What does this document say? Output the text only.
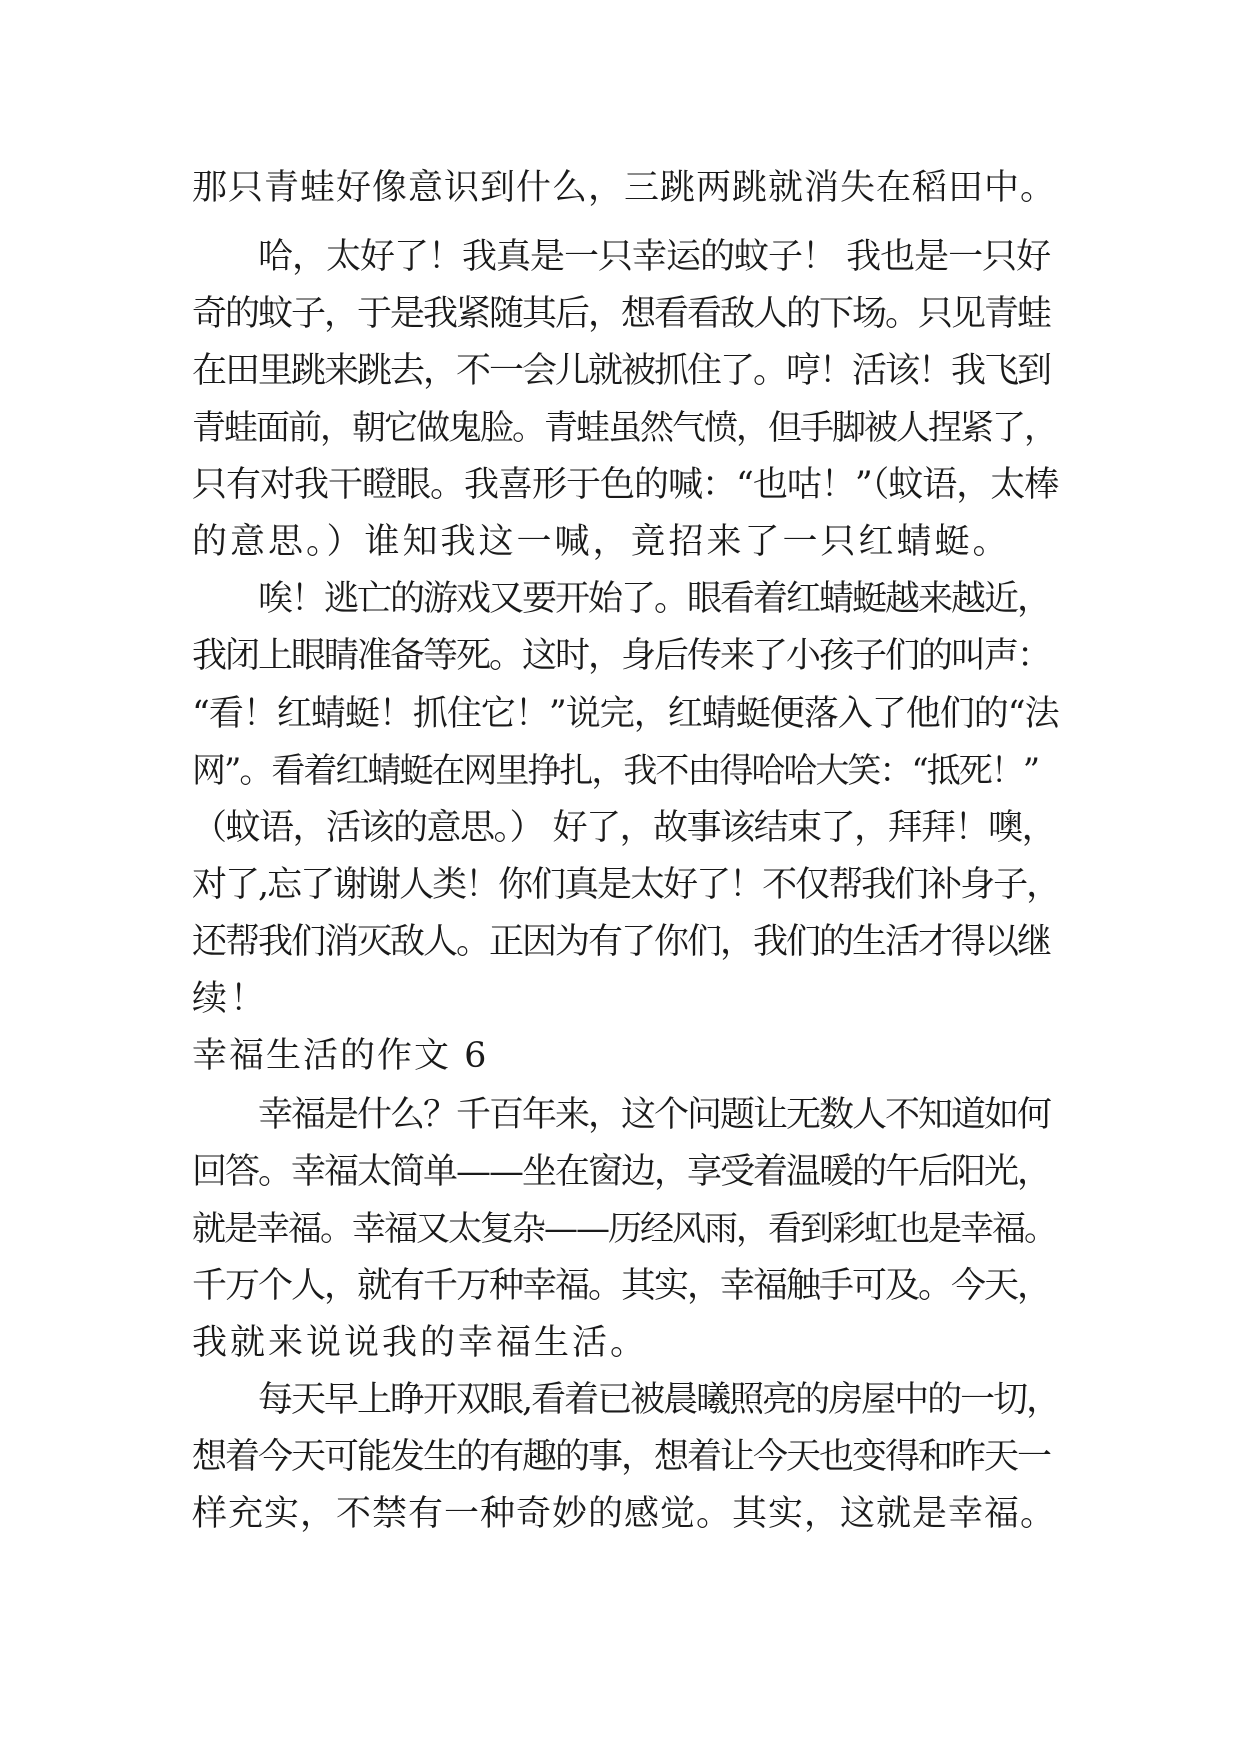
那只青蛙好像意识到什么，三跳两跳就消失在稻田中。
哈，太好了！我真是一只幸运的蚊子！ 我也是一只好
奇的蚊子，于是我紧随其后，想看看敌人的下场。只见青蛙
在田里跳来跳去，不一会儿就被抓住了。哼！活该！我飞到
青蛙面前，朝它做鬼脸。青蛙虽然气愤，但手脚被人捏紧了，
只有对我干瞪眼。我喜形于色的喊：“也咕！”（蚊语，太棒
的意思。）谁知我这一喊，竟招来了一只红蜻蜓。
唉！逃亡的游戏又要开始了。眼看着红蜻蜓越来越近，
我闭上眼睛准备等死。这时，身后传来了小孩子们的叫声：
“看！红蜻蜓！抓住它！”说完，红蜻蜓便落入了他们的“法
网”。看着红蜻蜓在网里挣扎，我不由得哈哈大笑：“抵死！”
（蚊语，活该的意思。） 好了，故事该结束了，拜拜！噢，
对了,忘了谢谢人类！你们真是太好了！不仅帮我们补身子，
还帮我们消灭敌人。正因为有了你们，我们的生活才得以继
续！
幸福生活的作文 6
幸福是什么？千百年来，这个问题让无数人不知道如何
回答。幸福太简单——坐在窗边，享受着温暖的午后阳光，
就是幸福。幸福又太复杂——历经风雨，看到彩虹也是幸福。
千万个人，就有千万种幸福。其实，幸福触手可及。今天，
我就来说说我的幸福生活。
每天早上睁开双眼,看着已被晨曦照亮的房屋中的一切，
想着今天可能发生的有趣的事，想着让今天也变得和昨天一
样充实，不禁有一种奇妙的感觉。其实，这就是幸福。
